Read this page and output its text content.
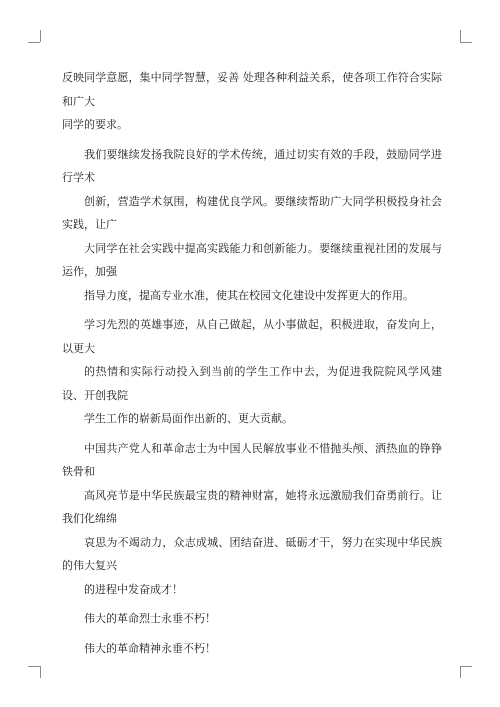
反映同学意愿，集中同学智慧，妥善 处理各种利益关系，使各项工作符合实际和广大
同学的要求。

我们要继续发扬我院良好的学术传统，通过切实有效的手段，鼓励同学进行学术
创新，营造学术氛围，构建优良学风。要继续帮助广大同学积极投身社会实践，让广
大同学在社会实践中提高实践能力和创新能力。要继续重视社团的发展与运作，加强
指导力度，提高专业水准，使其在校园文化建设中发挥更大的作用。

学习先烈的英雄事迹，从自己做起，从小事做起，积极进取，奋发向上，以更大
的热情和实际行动投入到当前的学生工作中去，为促进我院院风学风建设、开创我院
学生工作的崭新局面作出新的、更大贡献。

中国共产党人和革命志士为中国人民解放事业不惜抛头颅、洒热血的铮铮铁骨和
高风亮节是中华民族最宝贵的精神财富，她将永远激励我们奋勇前行。让我们化绵绵
哀思为不竭动力，众志成城、团结奋进、砥砺才干，努力在实现中华民族的伟大复兴
的进程中发奋成才！

伟大的革命烈士永垂不朽！

伟大的革命精神永垂不朽！
